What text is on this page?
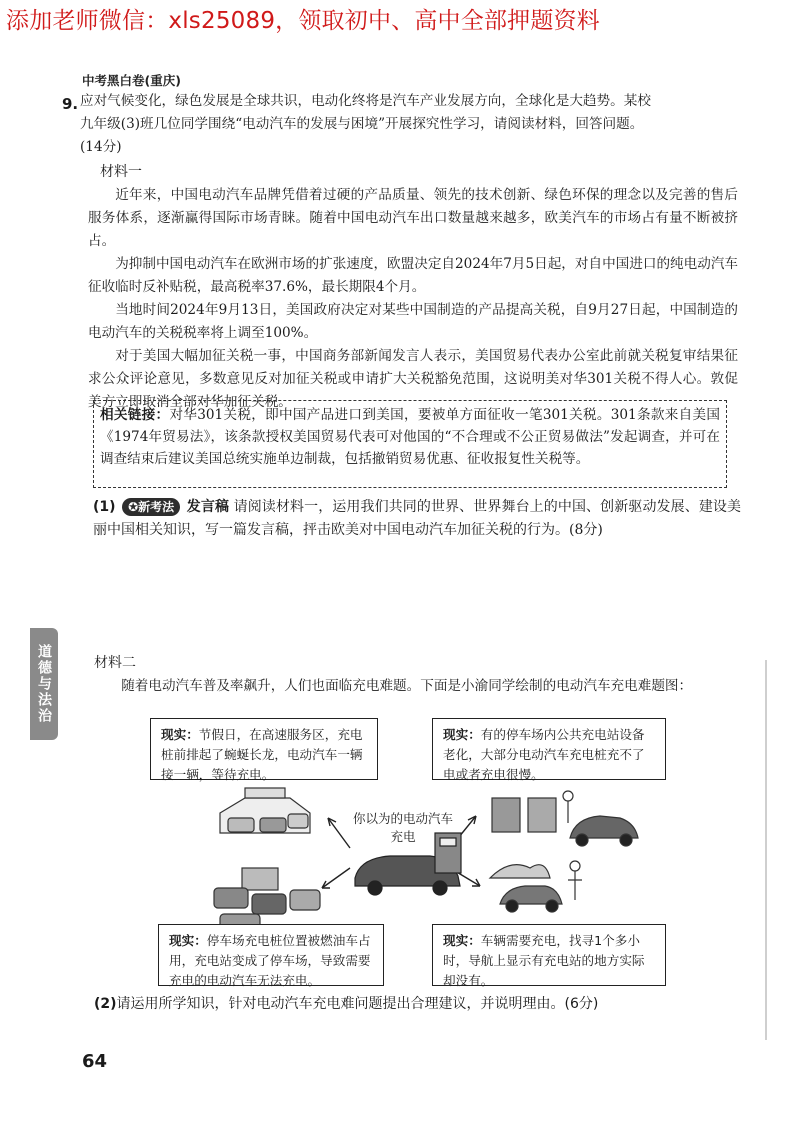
添加老师微信：xls25089，领取初中、高中全部押题资料
中考黑白卷(重庆)
9. 应对气候变化，绿色发展是全球共识，电动化终将是汽车产业发展方向，全球化是大趋势。某校
九年级(3)班几位同学围绕“电动汽车的发展与困境”开展探究性学习，请阅读材料，回答问题。
(14分)
材料一
近年来，中国电动汽车品牌凭借着过硬的产品质量、领先的技术创新、绿色环保的理念以及完善的售后服务体系，逐渐赢得国际市场青睐。随着中国电动汽车出口数量越来越多，欧美汽车的市场占有量不断被挤占。
为抑制中国电动汽车在欧洲市场的扩张速度，欧盟决定自2024年7月5日起，对自中国进口的纯电动汽车征收临时反补贴税，最高税率37.6%，最长期限4个月。
当地时间2024年9月13日，美国政府决定对某些中国制造的产品提高关税，自9月27日起，中国制造的电动汽车的关税税率将上调至100%。
对于美国大幅加征关税一事，中国商务部新闻发言人表示，美国贸易代表办公室此前就关税复审结果征求公众评论意见，多数意见反对加征关税或申请扩大关税豁免范围，这说明美对华301关税不得人心。敦促美方立即取消全部对华加征关税。
相关链接：对华301关税，即中国产品进口到美国，要被单方面征收一笔301关税。301条款来自美国《1974年贸易法》，该条款授权美国贸易代表可对他国的“不合理或不公正贸易做法”发起调查，并可在调查结束后建议美国总统实施单边制裁，包括撤销贸易优惠、征收报复性关税等。
(1) ✪新考法 发言稿 请阅读材料一，运用我们共同的世界、世界舞台上的中国、创新驱动发展、建设美丽中国相关知识，写一篇发言稿，抨击欧美对中国电动汽车加征关税的行为。(8分)
道德与法治	材料二
随着电动汽车普及率飙升，人们也面临充电难题。下面是小渝同学绘制的电动汽车充电难题图：
你以为的电动汽车充电
现实：节假日，在高速服务区，充电桩前排起了蜿蜒长龙，电动汽车一辆接一辆，等待充电。
现实：有的停车场内公共充电站设备老化，大部分电动汽车充电桩充不了电或者充电很慢。
现实：停车场充电桩位置被燃油车占用，充电站变成了停车场，导致需要充电的电动汽车无法充电。
现实：车辆需要充电，找寻1个多小时，导航上显示有充电站的地方实际却没有。
(2)请运用所学知识，针对电动汽车充电难问题提出合理建议，并说明理由。(6分)
64
